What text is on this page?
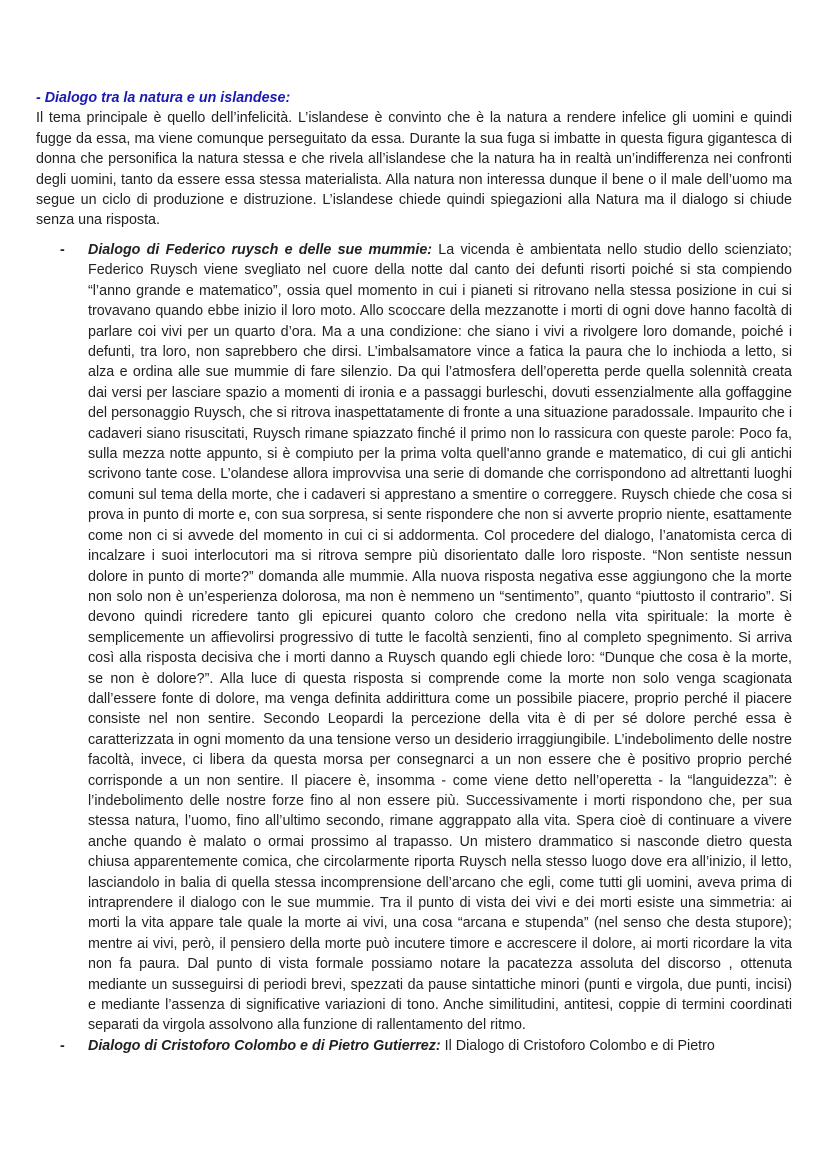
- Dialogo tra la natura e un islandese:

Il tema principale è quello dell’infelicità. L’islandese è convinto che è la natura a rendere infelice gli uomini e quindi fugge da essa, ma viene comunque perseguitato da essa. Durante la sua fuga si imbatte in questa figura gigantesca di donna che personifica la natura stessa e che rivela all’islandese che la natura ha in realtà un’indifferenza nei confronti degli uomini, tanto da essere essa stessa materialista. Alla natura non interessa dunque il bene o il male dell’uomo ma segue un ciclo di produzione e distruzione. L’islandese chiede quindi spiegazioni alla Natura ma il dialogo si chiude senza una risposta.

- Dialogo di Federico ruysch e delle sue mummie: La vicenda è ambientata nello studio dello scienziato; Federico Ruysch viene svegliato nel cuore della notte dal canto dei defunti risorti poiché si sta compiendo “l’anno grande e matematico”, ossia quel momento in cui i pianeti si ritrovano nella stessa posizione in cui si trovavano quando ebbe inizio il loro moto. Allo scoccare della mezzanotte i morti di ogni dove hanno facoltà di parlare coi vivi per un quarto d’ora. Ma a una condizione: che siano i vivi a rivolgere loro domande, poiché i defunti, tra loro, non saprebbero che dirsi. L’imbalsamatore vince a fatica la paura che lo inchioda a letto, si alza e ordina alle sue mummie di fare silenzio. Da qui l’atmosfera dell’operetta perde quella solennità creata dai versi per lasciare spazio a momenti di ironia e a passaggi burleschi, dovuti essenzialmente alla goffaggine del personaggio Ruysch, che si ritrova inaspettatamente di fronte a una situazione paradossale. Impaurito che i cadaveri siano risuscitati, Ruysch rimane spiazzato finché il primo non lo rassicura con queste parole: Poco fa, sulla mezza notte appunto, si è compiuto per la prima volta quell'anno grande e matematico, di cui gli antichi scrivono tante cose. L’olandese allora improvvisa una serie di domande che corrispondono ad altrettanti luoghi comuni sul tema della morte, che i cadaveri si apprestano a smentire o correggere. Ruysch chiede che cosa si prova in punto di morte e, con sua sorpresa, si sente rispondere che non si avverte proprio niente, esattamente come non ci si avvede del momento in cui ci si addormenta. Col procedere del dialogo, l’anatomista cerca di incalzare i suoi interlocutori ma si ritrova sempre più disorientato dalle loro risposte. “Non sentiste nessun dolore in punto di morte?” domanda alle mummie. Alla nuova risposta negativa esse aggiungono che la morte non solo non è un’esperienza dolorosa, ma non è nemmeno un “sentimento”, quanto “piuttosto il contrario”. Si devono quindi ricredere tanto gli epicurei quanto coloro che credono nella vita spirituale: la morte è semplicemente un affievolirsi progressivo di tutte le facoltà senzienti, fino al completo spegnimento. Si arriva così alla risposta decisiva che i morti danno a Ruysch quando egli chiede loro: “Dunque che cosa è la morte, se non è dolore?”. Alla luce di questa risposta si comprende come la morte non solo venga scagionata dall’essere fonte di dolore, ma venga definita addirittura come un possibile piacere, proprio perché il piacere consiste nel non sentire. Secondo Leopardi la percezione della vita è di per sé dolore perché essa è caratterizzata in ogni momento da una tensione verso un desiderio irraggiungibile. L’indebolimento delle nostre facoltà, invece, ci libera da questa morsa per consegnarci a un non essere che è positivo proprio perché corrisponde a un non sentire. Il piacere è, insomma - come viene detto nell’operetta - la “languidezza”: è l’indebolimento delle nostre forze fino al non essere più. Successivamente i morti rispondono che, per sua stessa natura, l’uomo, fino all’ultimo secondo, rimane aggrappato alla vita. Spera cioè di continuare a vivere anche quando è malato o ormai prossimo al trapasso. Un mistero drammatico si nasconde dietro questa chiusa apparentemente comica, che circolarmente riporta Ruysch nella stesso luogo dove era all’inizio, il letto, lasciandolo in balia di quella stessa incomprensione dell’arcano che egli, come tutti gli uomini, aveva prima di intraprendere il dialogo con le sue mummie. Tra il punto di vista dei vivi e dei morti esiste una simmetria: ai morti la vita appare tale quale la morte ai vivi, una cosa “arcana e stupenda” (nel senso che desta stupore); mentre ai vivi, però, il pensiero della morte può incutere timore e accrescere il dolore, ai morti ricordare la vita non fa paura. Dal punto di vista formale possiamo notare la pacatezza assoluta del discorso , ottenuta mediante un susseguirsi di periodi brevi, spezzati da pause sintattiche minori (punti e virgola, due punti, incisi) e mediante l’assenza di significative variazioni di tono. Anche similitudini, antitesi, coppie di termini coordinati separati da virgola assolvono alla funzione di rallentamento del ritmo.

- Dialogo di Cristoforo Colombo e di Pietro Gutierrez: Il Dialogo di Cristoforo Colombo e di Pietro
